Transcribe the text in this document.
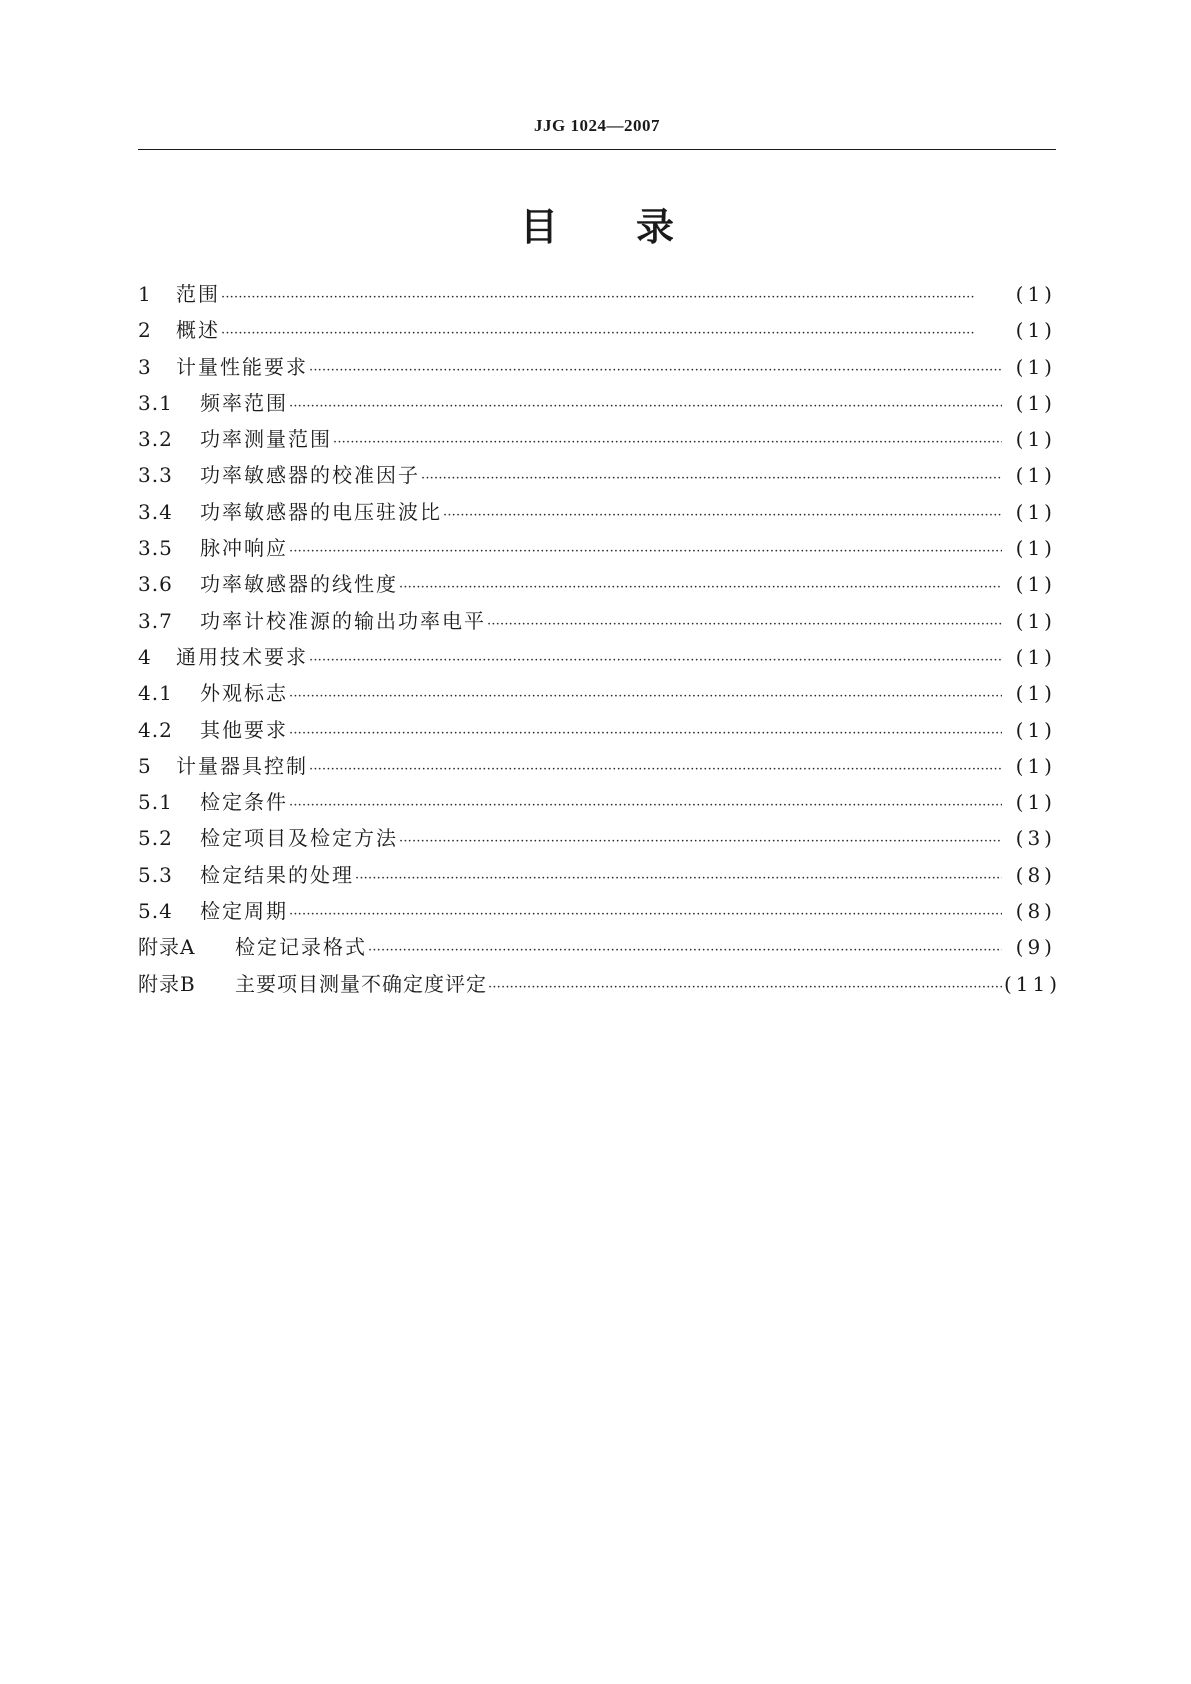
JJG 1024—2007
目录
1	范围 ·····	(1)
2	概述 ·····	(1)
3	计量性能要求 ·····	(1)
3.1	频率范围 ·····	(1)
3.2	功率测量范围 ·····	(1)
3.3	功率敏感器的校准因子 ·····	(1)
3.4	功率敏感器的电压驻波比 ·····	(1)
3.5	脉冲响应 ·····	(1)
3.6	功率敏感器的线性度 ·····	(1)
3.7	功率计校准源的输出功率电平 ·····	(1)
4	通用技术要求 ·····	(1)
4.1	外观标志 ·····	(1)
4.2	其他要求 ·····	(1)
5	计量器具控制 ·····	(1)
5.1	检定条件 ·····	(1)
5.2	检定项目及检定方法 ·····	(3)
5.3	检定结果的处理 ·····	(8)
5.4	检定周期 ·····	(8)
附录A	检定记录格式 ·····	(9)
附录B	主要项目测量不确定度评定 ·····	(11)
